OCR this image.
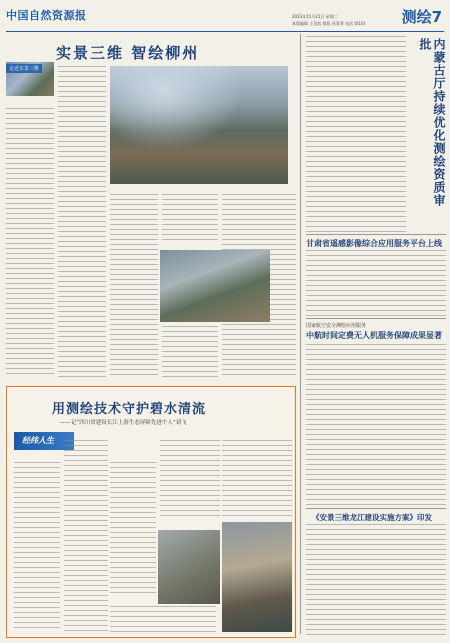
中国自然资源报	2023年11月21日 星期二
本版编辑 王昊凯 排版 孙菁菁 电话 (010) 测绘7
实景三维 智绘柳州
走近实景三维	内蒙古厅持续优化测绘资质审批
甘肃省遥感影像综合应用服务平台上线
国家航空安全测绘应用服务
中航时间定费无人机服务保障成果显著
《安景三维龙江建设实施方案》印发
用测绘技术守护碧水清流
——记“四川省建设长江上游生态屏障先进个人”刘飞
经纬人生
